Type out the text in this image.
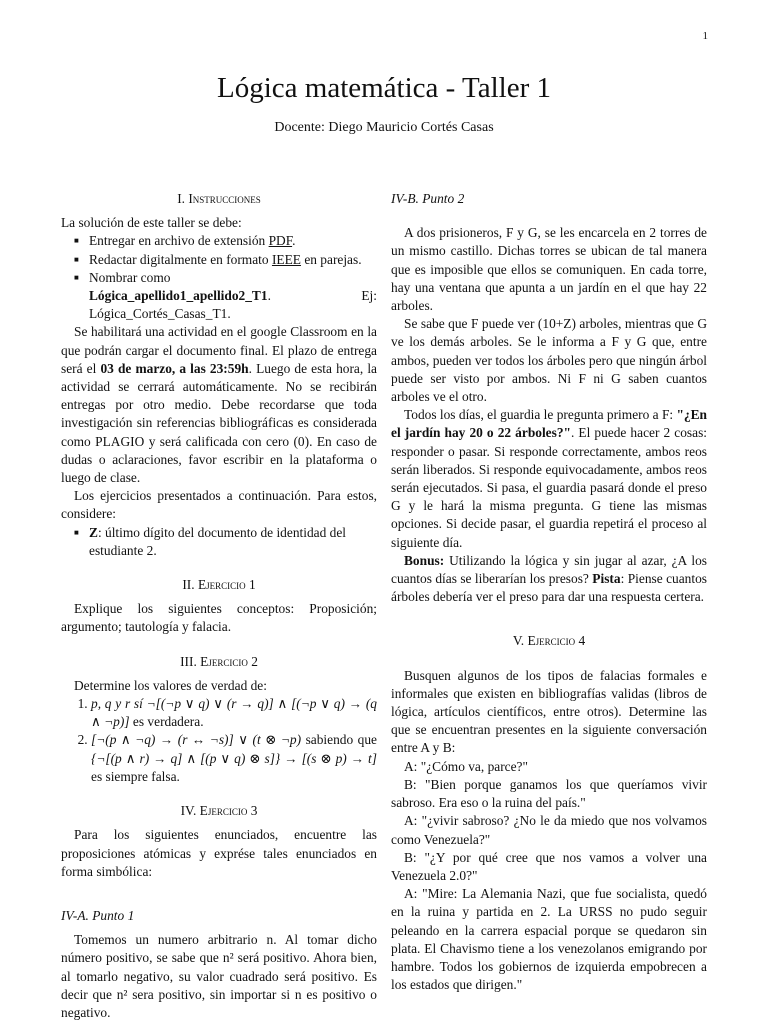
1
Lógica matemática - Taller 1
Docente: Diego Mauricio Cortés Casas
I. Instrucciones

La solución de este taller se debe:

■ Entregar en archivo de extensión PDF.
■ Redactar digitalmente en formato IEEE en parejas.
■ Nombrar como

Lógica_apellido1_apellido2_T1.	Ej:
Lógica_Cortés_Casas_T1.

Se habilitará una actividad en el google Classroom en la que podrán cargar el documento final. El plazo de entrega será el 03 de marzo, a las 23:59h. Luego de esta hora, la actividad se cerrará automáticamente. No se recibirán entregas por otro medio. Debe recordarse que toda investigación sin referencias bibliográficas es considerada como PLAGIO y será calificada con cero (0). En caso de dudas o aclaraciones, favor escribir en la plataforma o luego de clase.

Los ejercicios presentados a continuación. Para estos, considere:

■ Z: último dígito del documento de identidad del estudiante 2.
II. Ejercicio 1

Explique los siguientes conceptos: Proposición; argumento; tautología y falacia.

III. Ejercicio 2

Determine los valores de verdad de:

1. p, q y r sí ¬[(¬p ∨ q) ∨ (r → q)] ∧ [(¬p ∨ q) → (q ∧ ¬p)] es verdadera.
2. [¬(p ∧ ¬q) → (r ↔ ¬s)] ∨ (t ⊗ ¬p) sabiendo que {¬[(p ∧ r) → q] ∧ [(p ∨ q) ⊗ s]} → [(s ⊗ p) → t] es siempre falsa.
IV. Ejercicio 3

Para los siguientes enunciados, encuentre las proposiciones atómicas y exprése tales enunciados en forma simbólica:

IV-A. Punto 1

Tomemos un numero arbitrario n. Al tomar dicho número positivo, se sabe que n² será positivo. Ahora bien, al tomarlo negativo, su valor cuadrado será positivo. Es decir que n² sera positivo, sin importar si n es positivo o negativo.

IV-B. Punto 2

A dos prisioneros, F y G, se les encarcela en 2 torres de un mismo castillo. Dichas torres se ubican de tal manera que es imposible que ellos se comuniquen. En cada torre, hay una ventana que apunta a un jardín en el que hay 22 arboles.

Se sabe que F puede ver (10+Z) arboles, mientras que G ve los demás arboles. Se le informa a F y G que, entre ambos, pueden ver todos los árboles pero que ningún árbol puede ser visto por ambos. Ni F ni G saben cuantos arboles ve el otro.

Todos los días, el guardia le pregunta primero a F: "¿En el jardín hay 20 o 22 árboles?". El puede hacer 2 cosas: responder o pasar. Si responde correctamente, ambos reos serán liberados. Si responde equivocadamente, ambos reos serán ejecutados. Si pasa, el guardia pasará donde el preso G y le hará la misma pregunta. G tiene las mismas opciones. Si decide pasar, el guardia repetirá el proceso al siguiente día.

Bonus: Utilizando la lógica y sin jugar al azar, ¿A los cuantos días se liberarían los presos? Pista: Piense cuantos árboles debería ver el preso para dar una respuesta certera.

V. Ejercicio 4

Busquen algunos de los tipos de falacias formales e informales que existen en bibliografías validas (libros de lógica, artículos científicos, entre otros). Determine las que se encuentran presentes en la siguiente conversación entre A y B:

A: "¿Cómo va, parce?"

B: "Bien porque ganamos los que queríamos vivir sabroso. Era eso o la ruina del país."

A: "¿vivir sabroso? ¿No le da miedo que nos volvamos como Venezuela?"

B: "¿Y por qué cree que nos vamos a volver una Venezuela 2.0?"

A: "Mire: La Alemania Nazi, que fue socialista, quedó en la ruina y partida en 2. La URSS no pudo seguir peleando en la carrera espacial porque se quedaron sin plata. El Chavismo tiene a los venezolanos emigrando por hambre. Todos los gobiernos de izquierda empobrecen a los estados que dirigen."
